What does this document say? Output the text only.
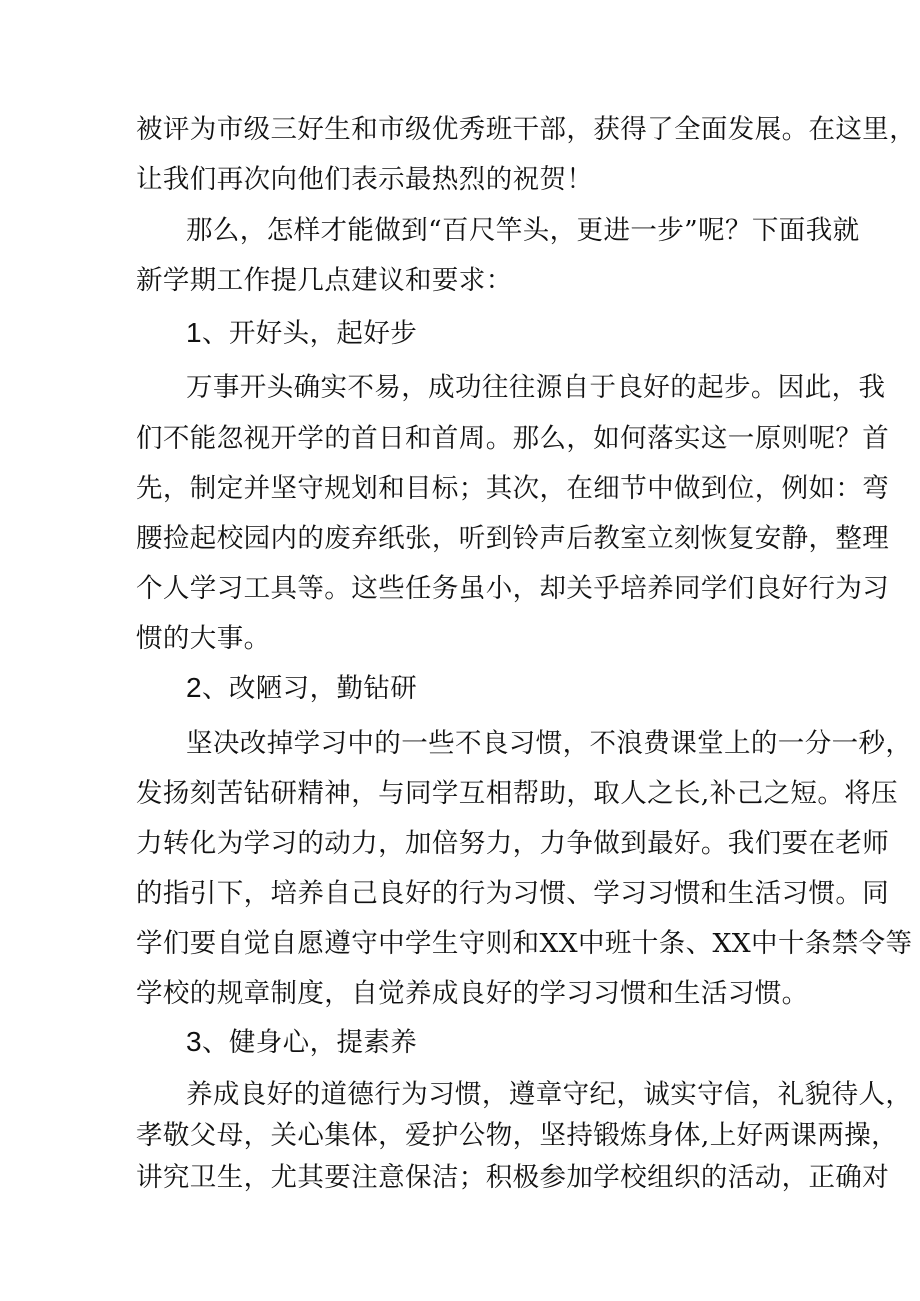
被评为市级三好生和市级优秀班干部，获得了全面发展。在这里，
让我们再次向他们表示最热烈的祝贺！
那么，怎样才能做到“百尺竿头，更进一步”呢？下面我就
新学期工作提几点建议和要求：
1、开好头，起好步
万事开头确实不易，成功往往源自于良好的起步。因此，我
们不能忽视开学的首日和首周。那么，如何落实这一原则呢？首
先，制定并坚守规划和目标；其次，在细节中做到位，例如：弯
腰捡起校园内的废弃纸张，听到铃声后教室立刻恢复安静，整理
个人学习工具等。这些任务虽小，却关乎培养同学们良好行为习
惯的大事。
2、改陋习，勤钻研
坚决改掉学习中的一些不良习惯，不浪费课堂上的一分一秒，
发扬刻苦钻研精神，与同学互相帮助，取人之长,补己之短。将压
力转化为学习的动力，加倍努力，力争做到最好。我们要在老师
的指引下，培养自己良好的行为习惯、学习习惯和生活习惯。同
学们要自觉自愿遵守中学生守则和XX中班十条、XX中十条禁令等
学校的规章制度，自觉养成良好的学习习惯和生活习惯。
3、健身心，提素养
养成良好的道德行为习惯，遵章守纪，诚实守信，礼貌待人，
孝敬父母，关心集体，爱护公物，坚持锻炼身体,上好两课两操，
讲究卫生，尤其要注意保洁；积极参加学校组织的活动，正确对
